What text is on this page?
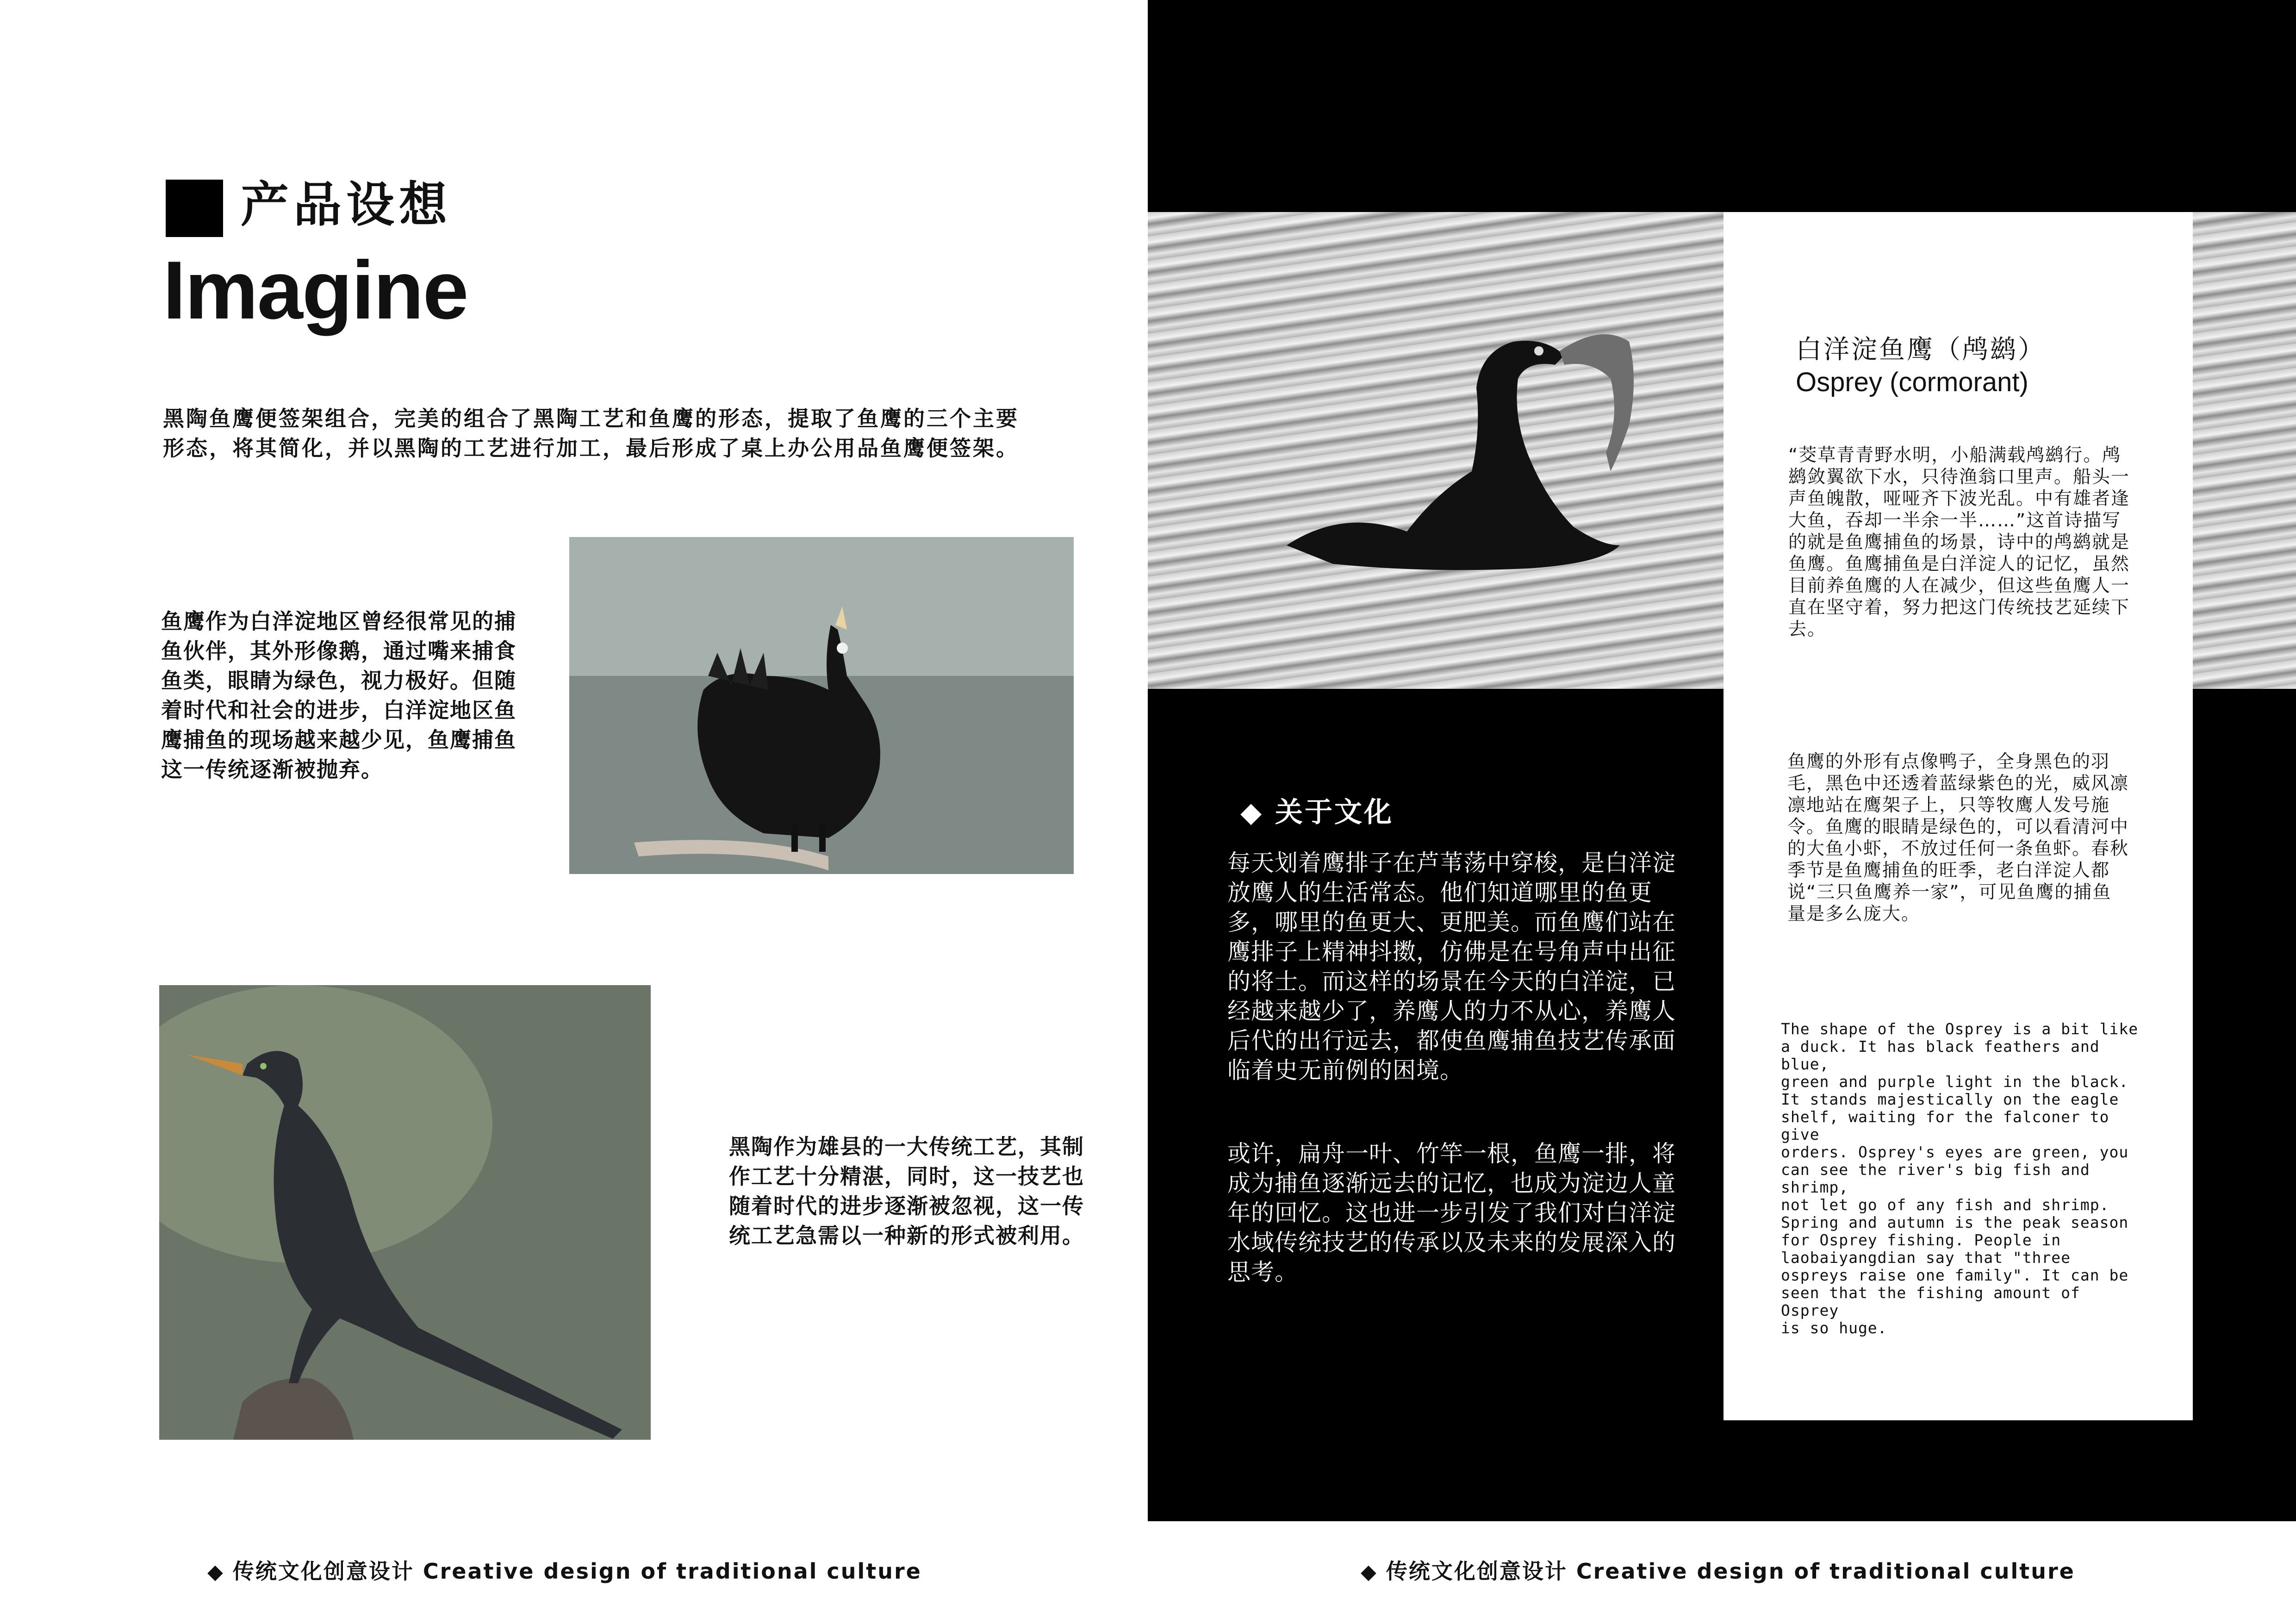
产品设想
Imagine
黑陶鱼鹰便签架组合，完美的组合了黑陶工艺和鱼鹰的形态，提取了鱼鹰的三个主要形态，将其简化，并以黑陶的工艺进行加工，最后形成了桌上办公用品鱼鹰便签架。
鱼鹰作为白洋淀地区曾经很常见的捕鱼伙伴，其外形像鹅，通过嘴来捕食鱼类，眼睛为绿色，视力极好。但随着时代和社会的进步，白洋淀地区鱼鹰捕鱼的现场越来越少见，鱼鹰捕鱼这一传统逐渐被抛弃。
黑陶作为雄县的一大传统工艺，其制作工艺十分精湛，同时，这一技艺也随着时代的进步逐渐被忽视，这一传统工艺急需以一种新的形式被利用。
◆ 传统文化创意设计 Creative design of traditional culture
白洋淀鱼鹰（鸬鹚）
Osprey (cormorant)
“茭草青青野水明，小船满载鸬鹚行。鸬鹚敛翼欲下水，只待渔翁口里声。船头一声鱼魄散，哑哑齐下波光乱。中有雄者逢大鱼，吞却一半余一半……”这首诗描写的就是鱼鹰捕鱼的场景，诗中的鸬鹚就是鱼鹰。鱼鹰捕鱼是白洋淀人的记忆，虽然目前养鱼鹰的人在减少，但这些鱼鹰人一直在坚守着，努力把这门传统技艺延续下去。
鱼鹰的外形有点像鸭子，全身黑色的羽毛，黑色中还透着蓝绿紫色的光，威风凛凛地站在鹰架子上，只等牧鹰人发号施令。鱼鹰的眼睛是绿色的，可以看清河中的大鱼小虾，不放过任何一条鱼虾。春秋季节是鱼鹰捕鱼的旺季，老白洋淀人都说“三只鱼鹰养一家”，可见鱼鹰的捕鱼量是多么庞大。
The shape of the Osprey is a bit like
a duck. It has black feathers and blue,
green and purple light in the black.
It stands majestically on the eagle
shelf, waiting for the falconer to give
orders. Osprey's eyes are green, you
can see the river's big fish and shrimp,
not let go of any fish and shrimp.
Spring and autumn is the peak season
for Osprey fishing. People in
laobaiyangdian say that "three
ospreys raise one family". It can be
seen that the fishing amount of Osprey
is so huge.
◆ 关于文化
每天划着鹰排子在芦苇荡中穿梭，是白洋淀放鹰人的生活常态。他们知道哪里的鱼更多，哪里的鱼更大、更肥美。而鱼鹰们站在鹰排子上精神抖擞，仿佛是在号角声中出征的将士。而这样的场景在今天的白洋淀，已经越来越少了，养鹰人的力不从心，养鹰人后代的出行远去，都使鱼鹰捕鱼技艺传承面临着史无前例的困境。
或许，扁舟一叶、竹竿一根，鱼鹰一排，将成为捕鱼逐渐远去的记忆，也成为淀边人童年的回忆。这也进一步引发了我们对白洋淀水域传统技艺的传承以及未来的发展深入的思考。
◆ 传统文化创意设计 Creative design of traditional culture
